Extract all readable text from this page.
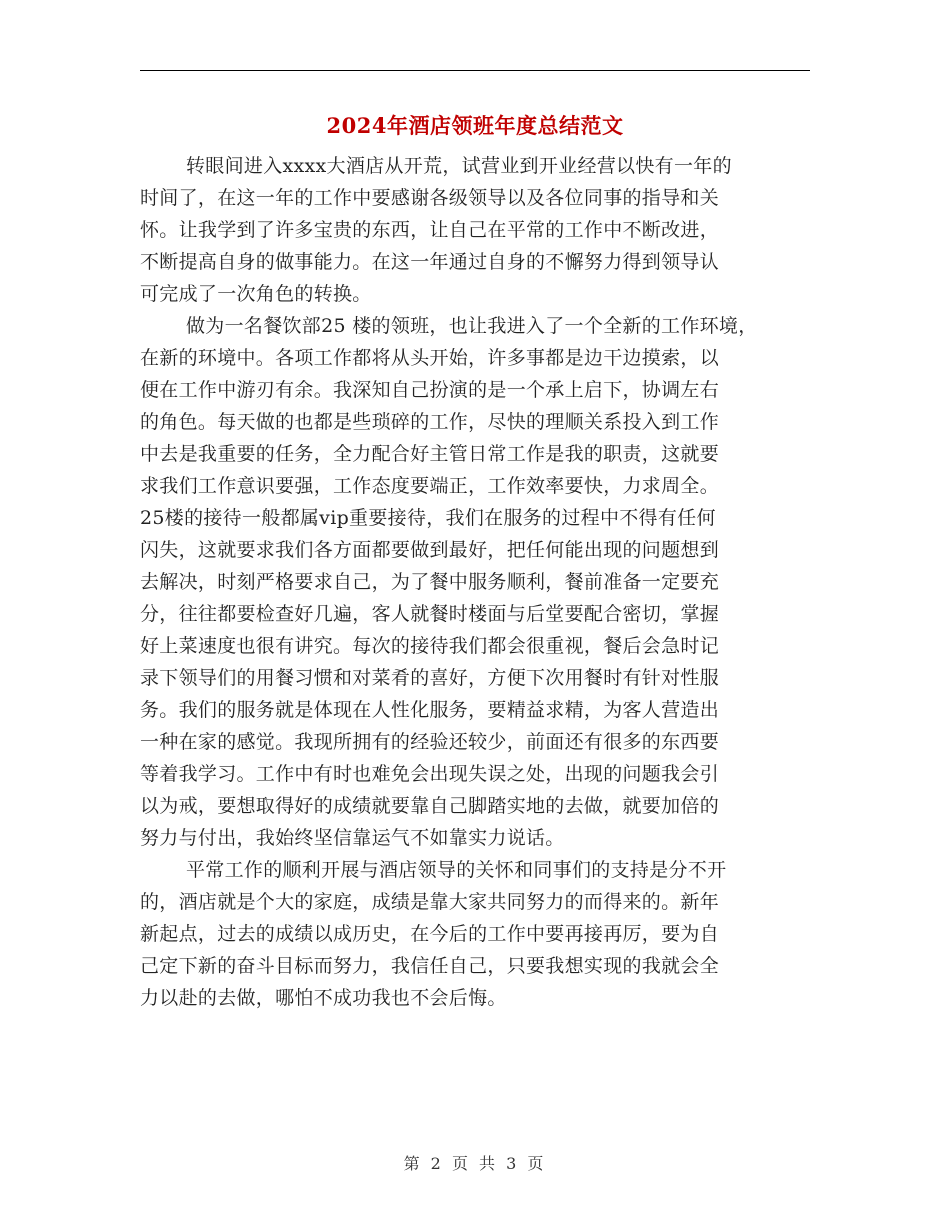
2024年酒店领班年度总结范文
转眼间进入xxxx大酒店从开荒，试营业到开业经营以快有一年的
时间了，在这一年的工作中要感谢各级领导以及各位同事的指导和关
怀。让我学到了许多宝贵的东西，让自己在平常的工作中不断改进，
不断提高自身的做事能力。在这一年通过自身的不懈努力得到领导认
可完成了一次角色的转换。
做为一名餐饮部25 楼的领班，也让我进入了一个全新的工作环境，
在新的环境中。各项工作都将从头开始，许多事都是边干边摸索，以
便在工作中游刃有余。我深知自己扮演的是一个承上启下，协调左右
的角色。每天做的也都是些琐碎的工作，尽快的理顺关系投入到工作
中去是我重要的任务，全力配合好主管日常工作是我的职责，这就要
求我们工作意识要强，工作态度要端正，工作效率要快，力求周全。
25楼的接待一般都属vip重要接待，我们在服务的过程中不得有任何
闪失，这就要求我们各方面都要做到最好，把任何能出现的问题想到
去解决，时刻严格要求自己，为了餐中服务顺利，餐前准备一定要充
分，往往都要检查好几遍，客人就餐时楼面与后堂要配合密切，掌握
好上菜速度也很有讲究。每次的接待我们都会很重视，餐后会急时记
录下领导们的用餐习惯和对菜肴的喜好，方便下次用餐时有针对性服
务。我们的服务就是体现在人性化服务，要精益求精，为客人营造出
一种在家的感觉。我现所拥有的经验还较少，前面还有很多的东西要
等着我学习。工作中有时也难免会出现失误之处，出现的问题我会引
以为戒，要想取得好的成绩就要靠自己脚踏实地的去做，就要加倍的
努力与付出，我始终坚信靠运气不如靠实力说话。
平常工作的顺利开展与酒店领导的关怀和同事们的支持是分不开
的，酒店就是个大的家庭，成绩是靠大家共同努力的而得来的。新年
新起点，过去的成绩以成历史，在今后的工作中要再接再厉，要为自
己定下新的奋斗目标而努力，我信任自己，只要我想实现的我就会全
力以赴的去做，哪怕不成功我也不会后悔。
第 2 页 共 3 页
